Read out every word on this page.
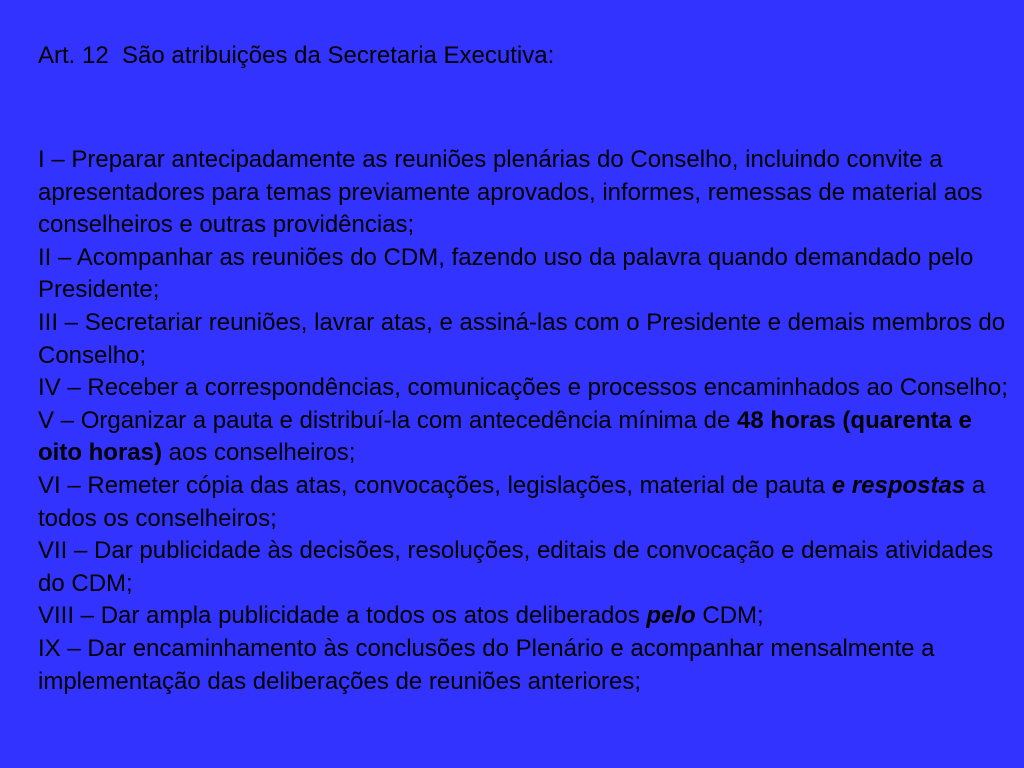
Art. 12  São atribuições da Secretaria Executiva:

I – Preparar antecipadamente as reuniões plenárias do Conselho, incluindo convite a apresentadores para temas previamente aprovados, informes, remessas de material aos conselheiros e outras providências;

II – Acompanhar as reuniões do CDM, fazendo uso da palavra quando demandado pelo Presidente;

III – Secretariar reuniões, lavrar atas, e assiná-las com o Presidente e demais membros do Conselho;

IV – Receber a correspondências, comunicações e processos encaminhados ao Conselho;

V – Organizar a pauta e distribuí-la com antecedência mínima de 48 horas (quarenta e oito horas) aos conselheiros;

VI – Remeter cópia das atas, convocações, legislações, material de pauta e respostas a todos os conselheiros;

VII – Dar publicidade às decisões, resoluções, editais de convocação e demais atividades do CDM;

VIII – Dar ampla publicidade a todos os atos deliberados pelo CDM;

IX – Dar encaminhamento às conclusões do Plenário e acompanhar mensalmente a implementação das deliberações de reuniões anteriores;
